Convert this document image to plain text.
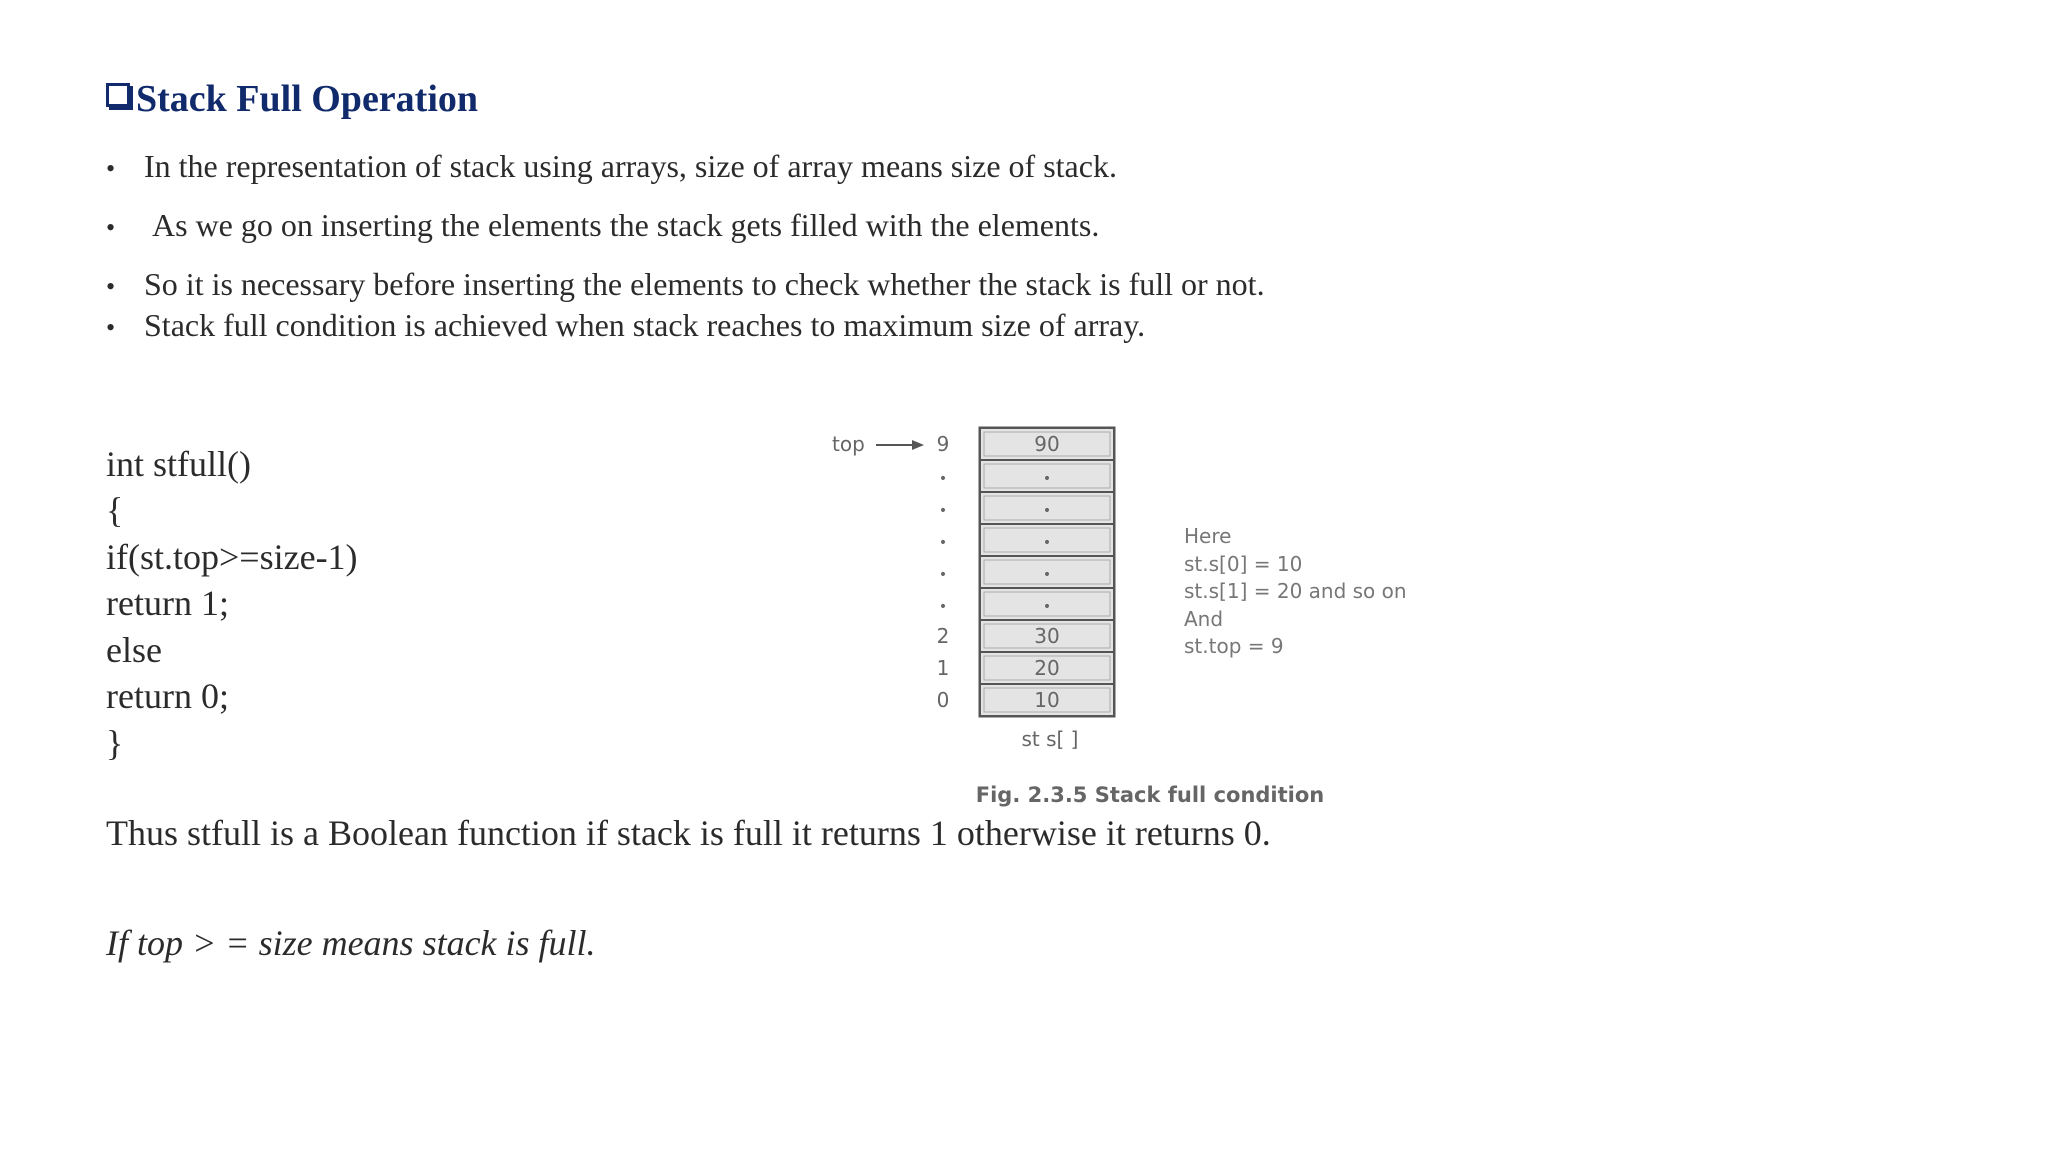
Stack Full Operation
• In the representation of stack using arrays, size of array means size of stack.
•	As we go on inserting the elements the stack gets filled with the elements.
• So it is necessary before inserting the elements to check whether the stack is full or not.
• Stack full condition is achieved when stack reaches to maximum size of array.
int stfull()
{
if(st.top>=size-1)
return 1;
else
return 0;
}
top	90
9
•
•
•
•
•
•
•
•
•
•
30
2
20
1
10
0
st s[ ]
Here
st.s[0] = 10
st.s[1] = 20 and so on
And
st.top = 9
Fig. 2.3.5 Stack full condition
Thus stfull is a Boolean function if stack is full it returns 1 otherwise it returns 0.
If top > = size means stack is full.
